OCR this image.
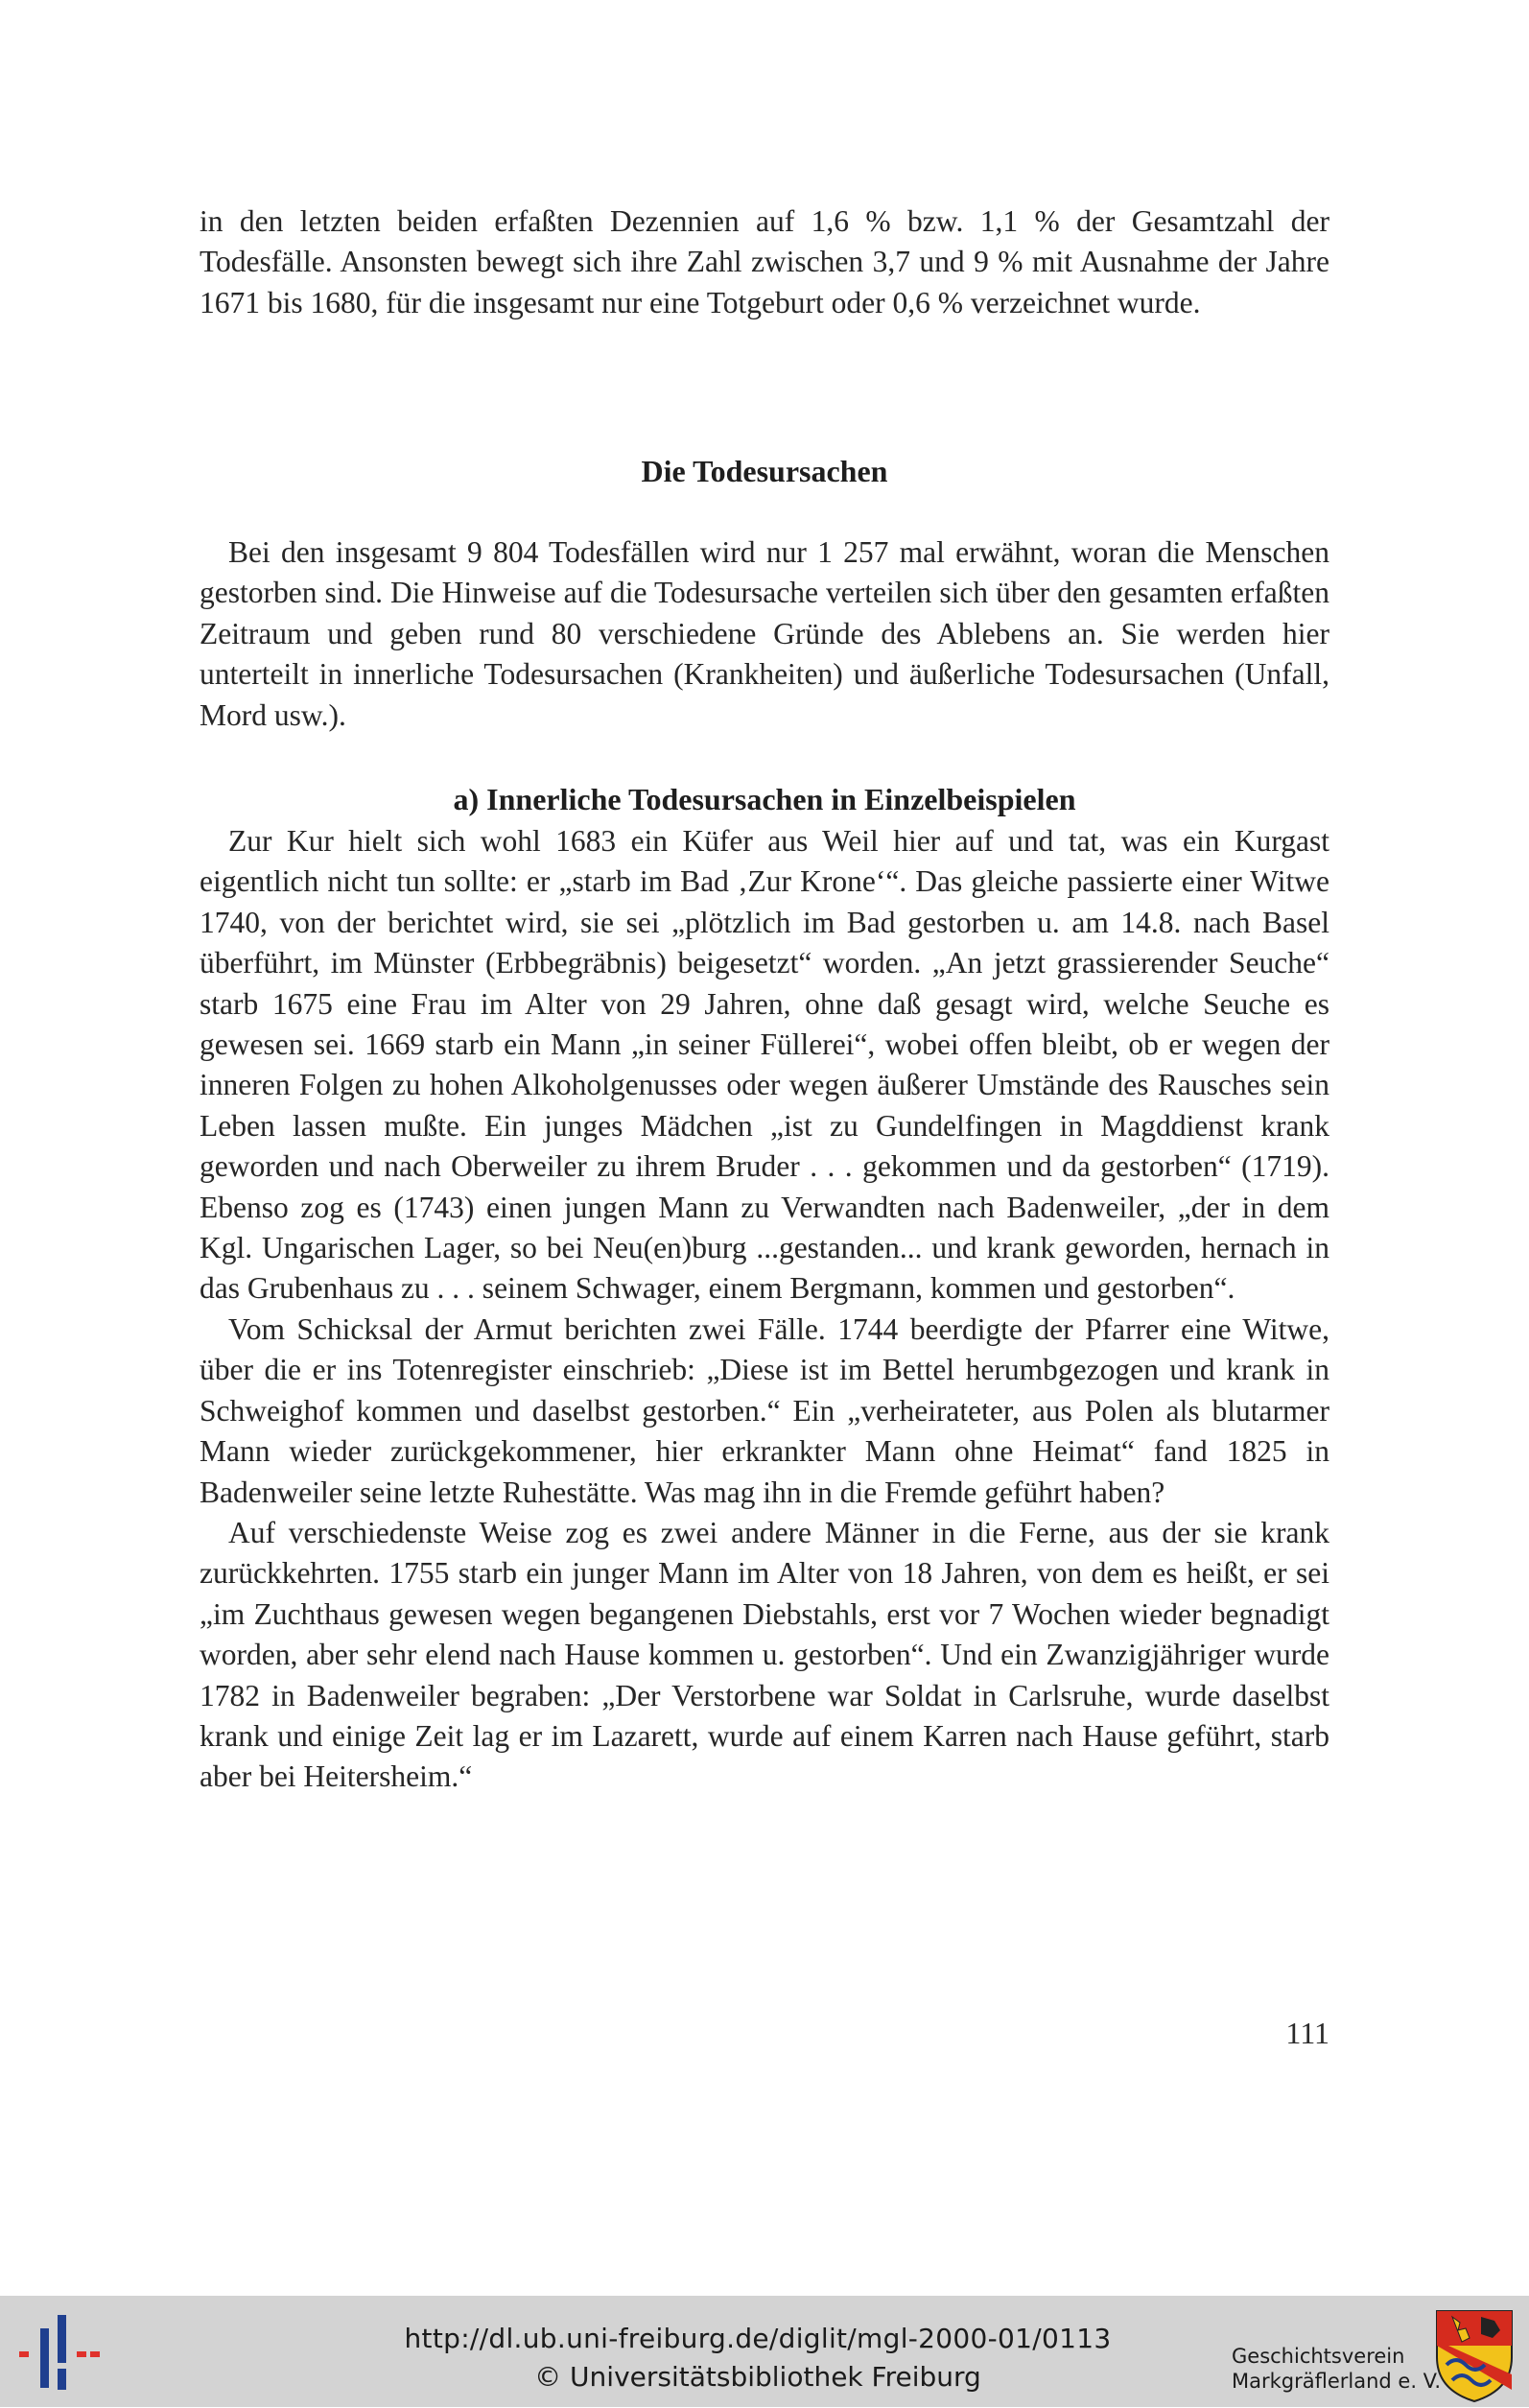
in den letzten beiden erfaßten Dezennien auf 1,6 % bzw. 1,1 % der Gesamtzahl der Todesfälle. Ansonsten bewegt sich ihre Zahl zwischen 3,7 und 9 % mit Ausnahme der Jahre 1671 bis 1680, für die insgesamt nur eine Totgeburt oder 0,6 % verzeichnet wurde.

Die Todesursachen

Bei den insgesamt 9 804 Todesfällen wird nur 1 257 mal erwähnt, woran die Menschen gestorben sind. Die Hinweise auf die Todesursache verteilen sich über den gesamten erfaßten Zeitraum und geben rund 80 verschiedene Gründe des Ablebens an. Sie werden hier unterteilt in innerliche Todesursachen (Krankheiten) und äußerliche Todesursachen (Unfall, Mord usw.).

a) Innerliche Todesursachen in Einzelbeispielen

Zur Kur hielt sich wohl 1683 ein Küfer aus Weil hier auf und tat, was ein Kurgast eigentlich nicht tun sollte: er „starb im Bad ‚Zur Krone‘“. Das gleiche passierte einer Witwe 1740, von der berichtet wird, sie sei „plötzlich im Bad gestorben u. am 14.8. nach Basel überführt, im Münster (Erbbegräbnis) beigesetzt“ worden. „An jetzt grassierender Seuche“ starb 1675 eine Frau im Alter von 29 Jahren, ohne daß gesagt wird, welche Seuche es gewesen sei. 1669 starb ein Mann „in seiner Füllerei“, wobei offen bleibt, ob er wegen der inneren Folgen zu hohen Alkoholgenusses oder wegen äußerer Umstände des Rausches sein Leben lassen mußte. Ein junges Mädchen „ist zu Gundelfingen in Magddienst krank geworden und nach Oberweiler zu ihrem Bruder . . . gekommen und da gestorben“ (1719). Ebenso zog es (1743) einen jungen Mann zu Verwandten nach Badenweiler, „der in dem Kgl. Ungarischen Lager, so bei Neu(en)burg ...gestanden... und krank geworden, hernach in das Grubenhaus zu . . . seinem Schwager, einem Bergmann, kommen und gestorben“.

Vom Schicksal der Armut berichten zwei Fälle. 1744 beerdigte der Pfarrer eine Witwe, über die er ins Totenregister einschrieb: „Diese ist im Bettel herumbgezogen und krank in Schweighof kommen und daselbst gestorben.“ Ein „verheirateter, aus Polen als blutarmer Mann wieder zurückgekommener, hier erkrankter Mann ohne Heimat“ fand 1825 in Badenweiler seine letzte Ruhestätte. Was mag ihn in die Fremde geführt haben?

Auf verschiedenste Weise zog es zwei andere Männer in die Ferne, aus der sie krank zurückkehrten. 1755 starb ein junger Mann im Alter von 18 Jahren, von dem es heißt, er sei „im Zuchthaus gewesen wegen begangenen Diebstahls, erst vor 7 Wochen wieder begnadigt worden, aber sehr elend nach Hause kommen u. gestorben“. Und ein Zwanzigjähriger wurde 1782 in Badenweiler begraben: „Der Verstorbene war Soldat in Carlsruhe, wurde daselbst krank und einige Zeit lag er im Lazarett, wurde auf einem Karren nach Hause geführt, starb aber bei Heitersheim.“

111
http://dl.ub.uni-freiburg.de/diglit/mgl-2000-01/0113
© Universitätsbibliothek Freiburg
Geschichtsverein
Markgräflerland e. V.
